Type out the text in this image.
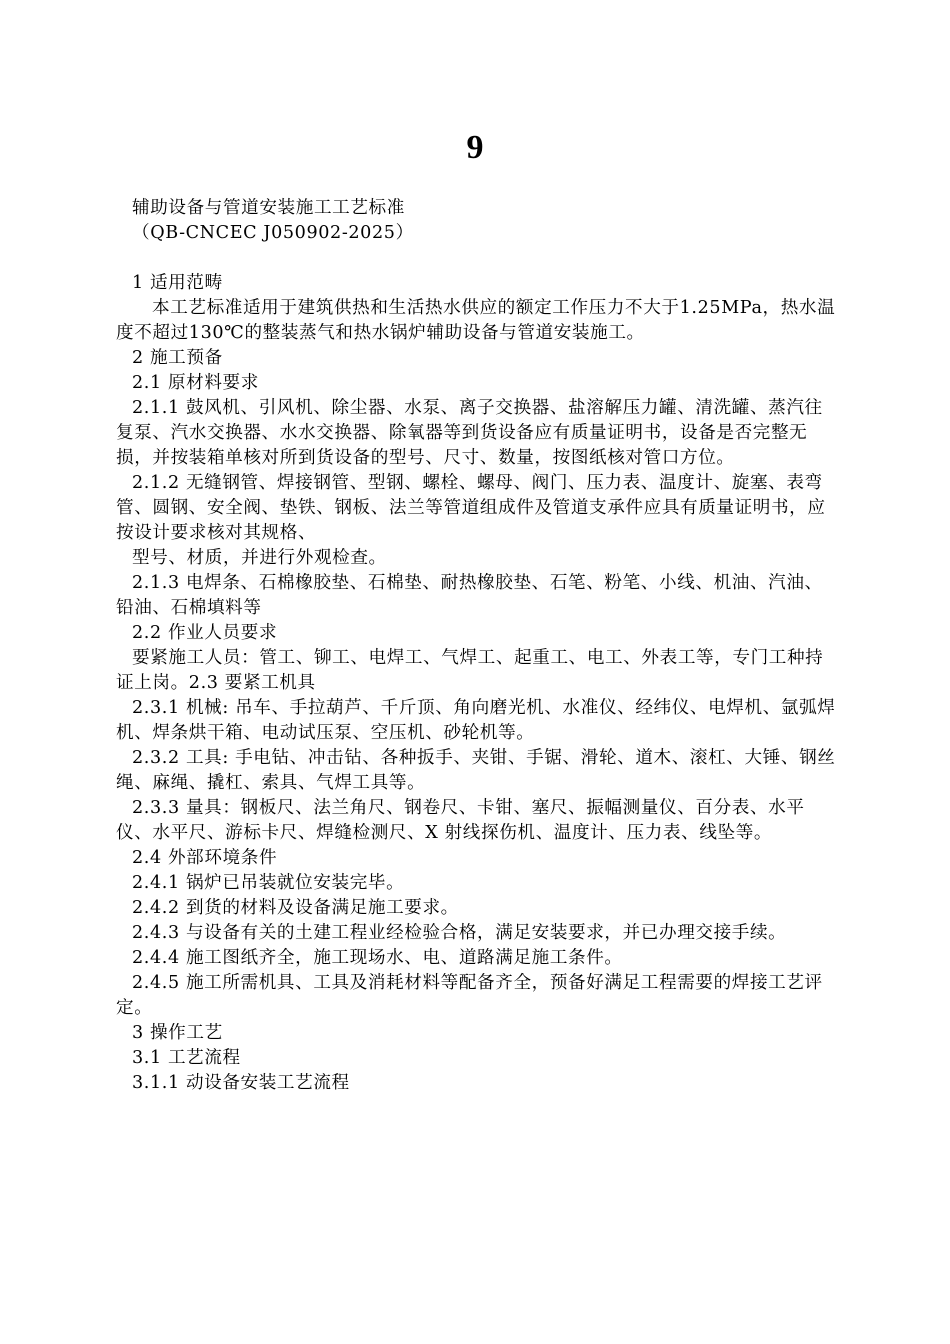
9

辅助设备与管道安装施工工艺标准

（QB-CNCEC J050902-2025）

1 适用范畴

本工艺标准适用于建筑供热和生活热水供应的额定工作压力不大于1.25MPa，热水温度不超过130℃的整装蒸气和热水锅炉辅助设备与管道安装施工。

2 施工预备

2.1 原材料要求

2.1.1 鼓风机、引风机、除尘器、水泵、离子交换器、盐溶解压力罐、清洗罐、蒸汽往复泵、汽水交换器、水水交换器、除氧器等到货设备应有质量证明书，设备是否完整无损，并按装箱单核对所到货设备的型号、尺寸、数量，按图纸核对管口方位。

2.1.2 无缝钢管、焊接钢管、型钢、螺栓、螺母、阀门、压力表、温度计、旋塞、表弯管、圆钢、安全阀、垫铁、钢板、法兰等管道组成件及管道支承件应具有质量证明书，应按设计要求核对其规格、

型号、材质，并进行外观检查。

2.1.3 电焊条、石棉橡胶垫、石棉垫、耐热橡胶垫、石笔、粉笔、小线、机油、汽油、铅油、石棉填料等

2.2 作业人员要求

要紧施工人员：管工、铆工、电焊工、气焊工、起重工、电工、外表工等，专门工种持证上岗。2.3 要紧工机具

2.3.1 机械: 吊车、手拉葫芦、千斤顶、角向磨光机、水准仪、经纬仪、电焊机、氩弧焊机、焊条烘干箱、电动试压泵、空压机、砂轮机等。

2.3.2 工具: 手电钻、冲击钻、各种扳手、夹钳、手锯、滑轮、道木、滚杠、大锤、钢丝绳、麻绳、撬杠、索具、气焊工具等。

2.3.3 量具：钢板尺、法兰角尺、钢卷尺、卡钳、塞尺、振幅测量仪、百分表、水平仪、水平尺、游标卡尺、焊缝检测尺、X 射线探伤机、温度计、压力表、线坠等。

2.4 外部环境条件

2.4.1 锅炉已吊装就位安装完毕。

2.4.2 到货的材料及设备满足施工要求。

2.4.3 与设备有关的土建工程业经检验合格，满足安装要求，并已办理交接手续。

2.4.4 施工图纸齐全，施工现场水、电、道路满足施工条件。

2.4.5 施工所需机具、工具及消耗材料等配备齐全，预备好满足工程需要的焊接工艺评定。

3 操作工艺

3.1 工艺流程

3.1.1 动设备安装工艺流程
